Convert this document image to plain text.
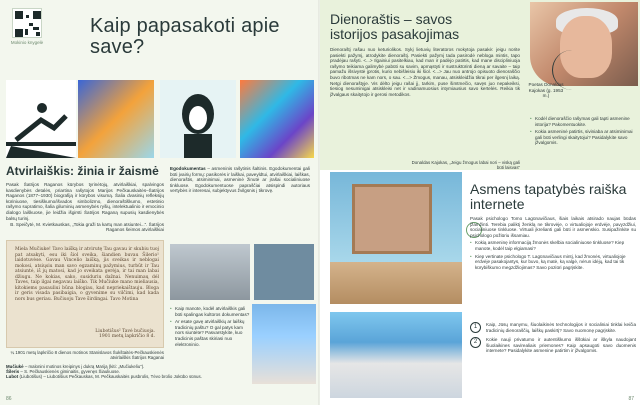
Mokinio knygelė
Kaip papasakoti apie save?
Atvirlaiškis: žinia ir žaismė
Pasak Šatrijos Raganos kūrybos tyrinėtojų, atvirlaiškiai, spalvingos kasdienybės detalės, priartina rašytojos Marijos Pečkauskaitės–Šatrijos Raganos (1877–1930) biografiją ir kūrybos visumą. Šalia dvasinių refleksijų kūriniuose, tiesiškumo/išvados simbolizmo, dienoraštiškumo, estetinio rašymo supratimo, šalia giluminių asmenybės ryšių, intelektualinio ir emocinio dialogo laiškuose, jie leidžia išgirsti Šatrijos Raganą supusių kasdienybės balsų turinį.
B. Speičytė, M. Kvietkauskas, „Tokia graži ta kartų man atsiuntei...“. Šatrijos Raganos šeimos atvirlaiškiai
Egodokumentas – asmeninis rašytinis šaltinis. Egodokumentai gali būti įvairių formų: pasikorės ir laiškai, paveyldtui, atvirlaiškiai, laiškas, dienoraštis, atsiminimai, asmeninė žinutė ar įrašai socialiniuose tinkluose. Egodokumentuose papraščiai atsispindi autoriaus vertybės ir interesai, subjektyvus žvilgsnis į tikrovę.
Miela Mučiuke! Tavo laišką ir atvirutę Tau gavau ir skubiu tuoj pat atsakyti, esu iki šiol sveika, šiandien buvau Šilerio¹ laidotuvėse. Gavau Vincelio laišką, jis sveikas ir neblogai mokosi, atsiųsiu man savo egzaminų pažymius, turbūt ir Tau atsiuntė, iš jų matosi, kad jo sveikata gerėja, ir tai man labai džiugu. Ne kokias, sako, susiduriu dažnai. Nenuimaų dėl Taves, taip ilgai negavau laiško. Tik Mučiuke mano mieliausia, kitokiems pasauliui būna blogiau, kad nepriekaištauju. Bloga ir geris visada pasibaigia, o gyvenime su vilčimi, kad kada nors bus geriau. Bučiuoju Tave širdingai. Tavo Motina
Liubotišus² Tavė bučiuoja.
1901 metų lapkričio 8 d.
¼ 1901 metų lapkričio 8 dienos motinos Stanislavos Šukštaitės-Pečkauskienės atvirlaiškis Šatrijos Raganai
Mučiukė – malonini motinos kreipinys į dukrą Mariją (kiti: „Mučiukeliu“).
Šileris – S. Pečkauskienės giminaitis, gyvenęs Šiauliuose.
Lubot (Liubotišus) – Liubotišius Pečkauskas, M. Pečkauskaitės pusbrolis, Tėvo brolio Jokūbo sūnus.
• Kaip manote, kodėl atvirlaiškis gali būti spalingas kultūros dokumentas?
• Ar esate gavę atvirlaiškių ar laiškų tradicinių paštu? O gal patys kam nors siuntėte? Pasvarstykite, kuo tradicinis paštas skiriasi nuo elektroninio.
86
Dienoraštis – savos istorijos pasakojimas
Dienoraštį rašau nuo keturiolikos. Sykį lietuvių literatūros mokytoja pasakė: jeigu norite pasiekti pažymį, atrodykite dienoraštį. Pasiekti pažymį tada pasirodė nebloga mintis, tapo pradėjau rašyti. <...> Ilgainiui pasitelkiau, kad man ir padėjo patirtis, kad mane discipliniuoja rašymo teikiama galimybė pabūti su savim, apmąstyti ir sustruktūrinti dieną ar savaite – taip pamažu išsivystė įprotis, kurio nebišleisiu iki šiol. <...> Jau nuo antrojo opisuoto dienoraščio buvo ribotmas ne kam nors, o sau. <...> Žmogus, manau, atsiskleidžia tikrai per ilgesnį laiką. Netgi dienoraštyje. Vis dėlto jeigu rašai jį, tarkim, puse šimtmečio, savęs juo nepakeiksi, tiesiog nesuminigai atsiskleisi net ir vadinamuosius intymiausius savo kertelės. Reikia tik įžvalgaus skaitytojo ir gerosi metodikos.
Donaldas Kajokas, „Jeigu žmogus labai nori – viską gali būti laisvas“
Poetas Donaldas Kajokas (g. 1953 m.)
• Kodėl dienoraščio rašymas gali tapti asmenine istorija? Pakomentuokite.
• Kokia asmeninė patirtis, siviniaba ar atsiminimai gali būti verlingi skaitytojui? Pasidalykite savo įžvalgomis.
Asmens tapatybės raiška internete
Pasak psichologo Tomo Lagūnavičiaus, šiais laikais atsirado naujas būdas įžamžinti. Terebia paliktį ženklą ne tikrovėje, o virtualiojoje erdvėje, pavyzdžiui, socialiniuose tinkluose. Virtuali įkrelianti gali būti ir asmenskio. Susipažinkite su psichologo požiūriu išsamiau.
• Kokią asmeninę informaciją žmonės skelbia socialiniuose tinkluose? Kiep manote, kodėl taip elgiamasi?
• Kiep vertinate psichologo T. Lagūnavičiaus mintį, kad žmonės, virtualiojoje erdvėje pasakojantys, kur buvo, ką matė, ką valgė, nėrun idėjų, kad tai tik kūrybiškumo megzdžiojimas? Savo poziūri pagrįskite.
1	Kaip, Jūsų manymu, šiuolaikinės technologijos ir socialiniai tinklai keičia tradicinių dienoraščių, laiškų paskirtį? Savo nuomonę pagrįskite.
2	Kokie nauji privatumo ir autentiškumo iššūkiai ar iškyla naudojant šiuolaikines savirealiais priemones? Kaip apsaugoti savo duomenis internete? Pasidalykite asmenine patirtim ir įžvalgomis.
87
